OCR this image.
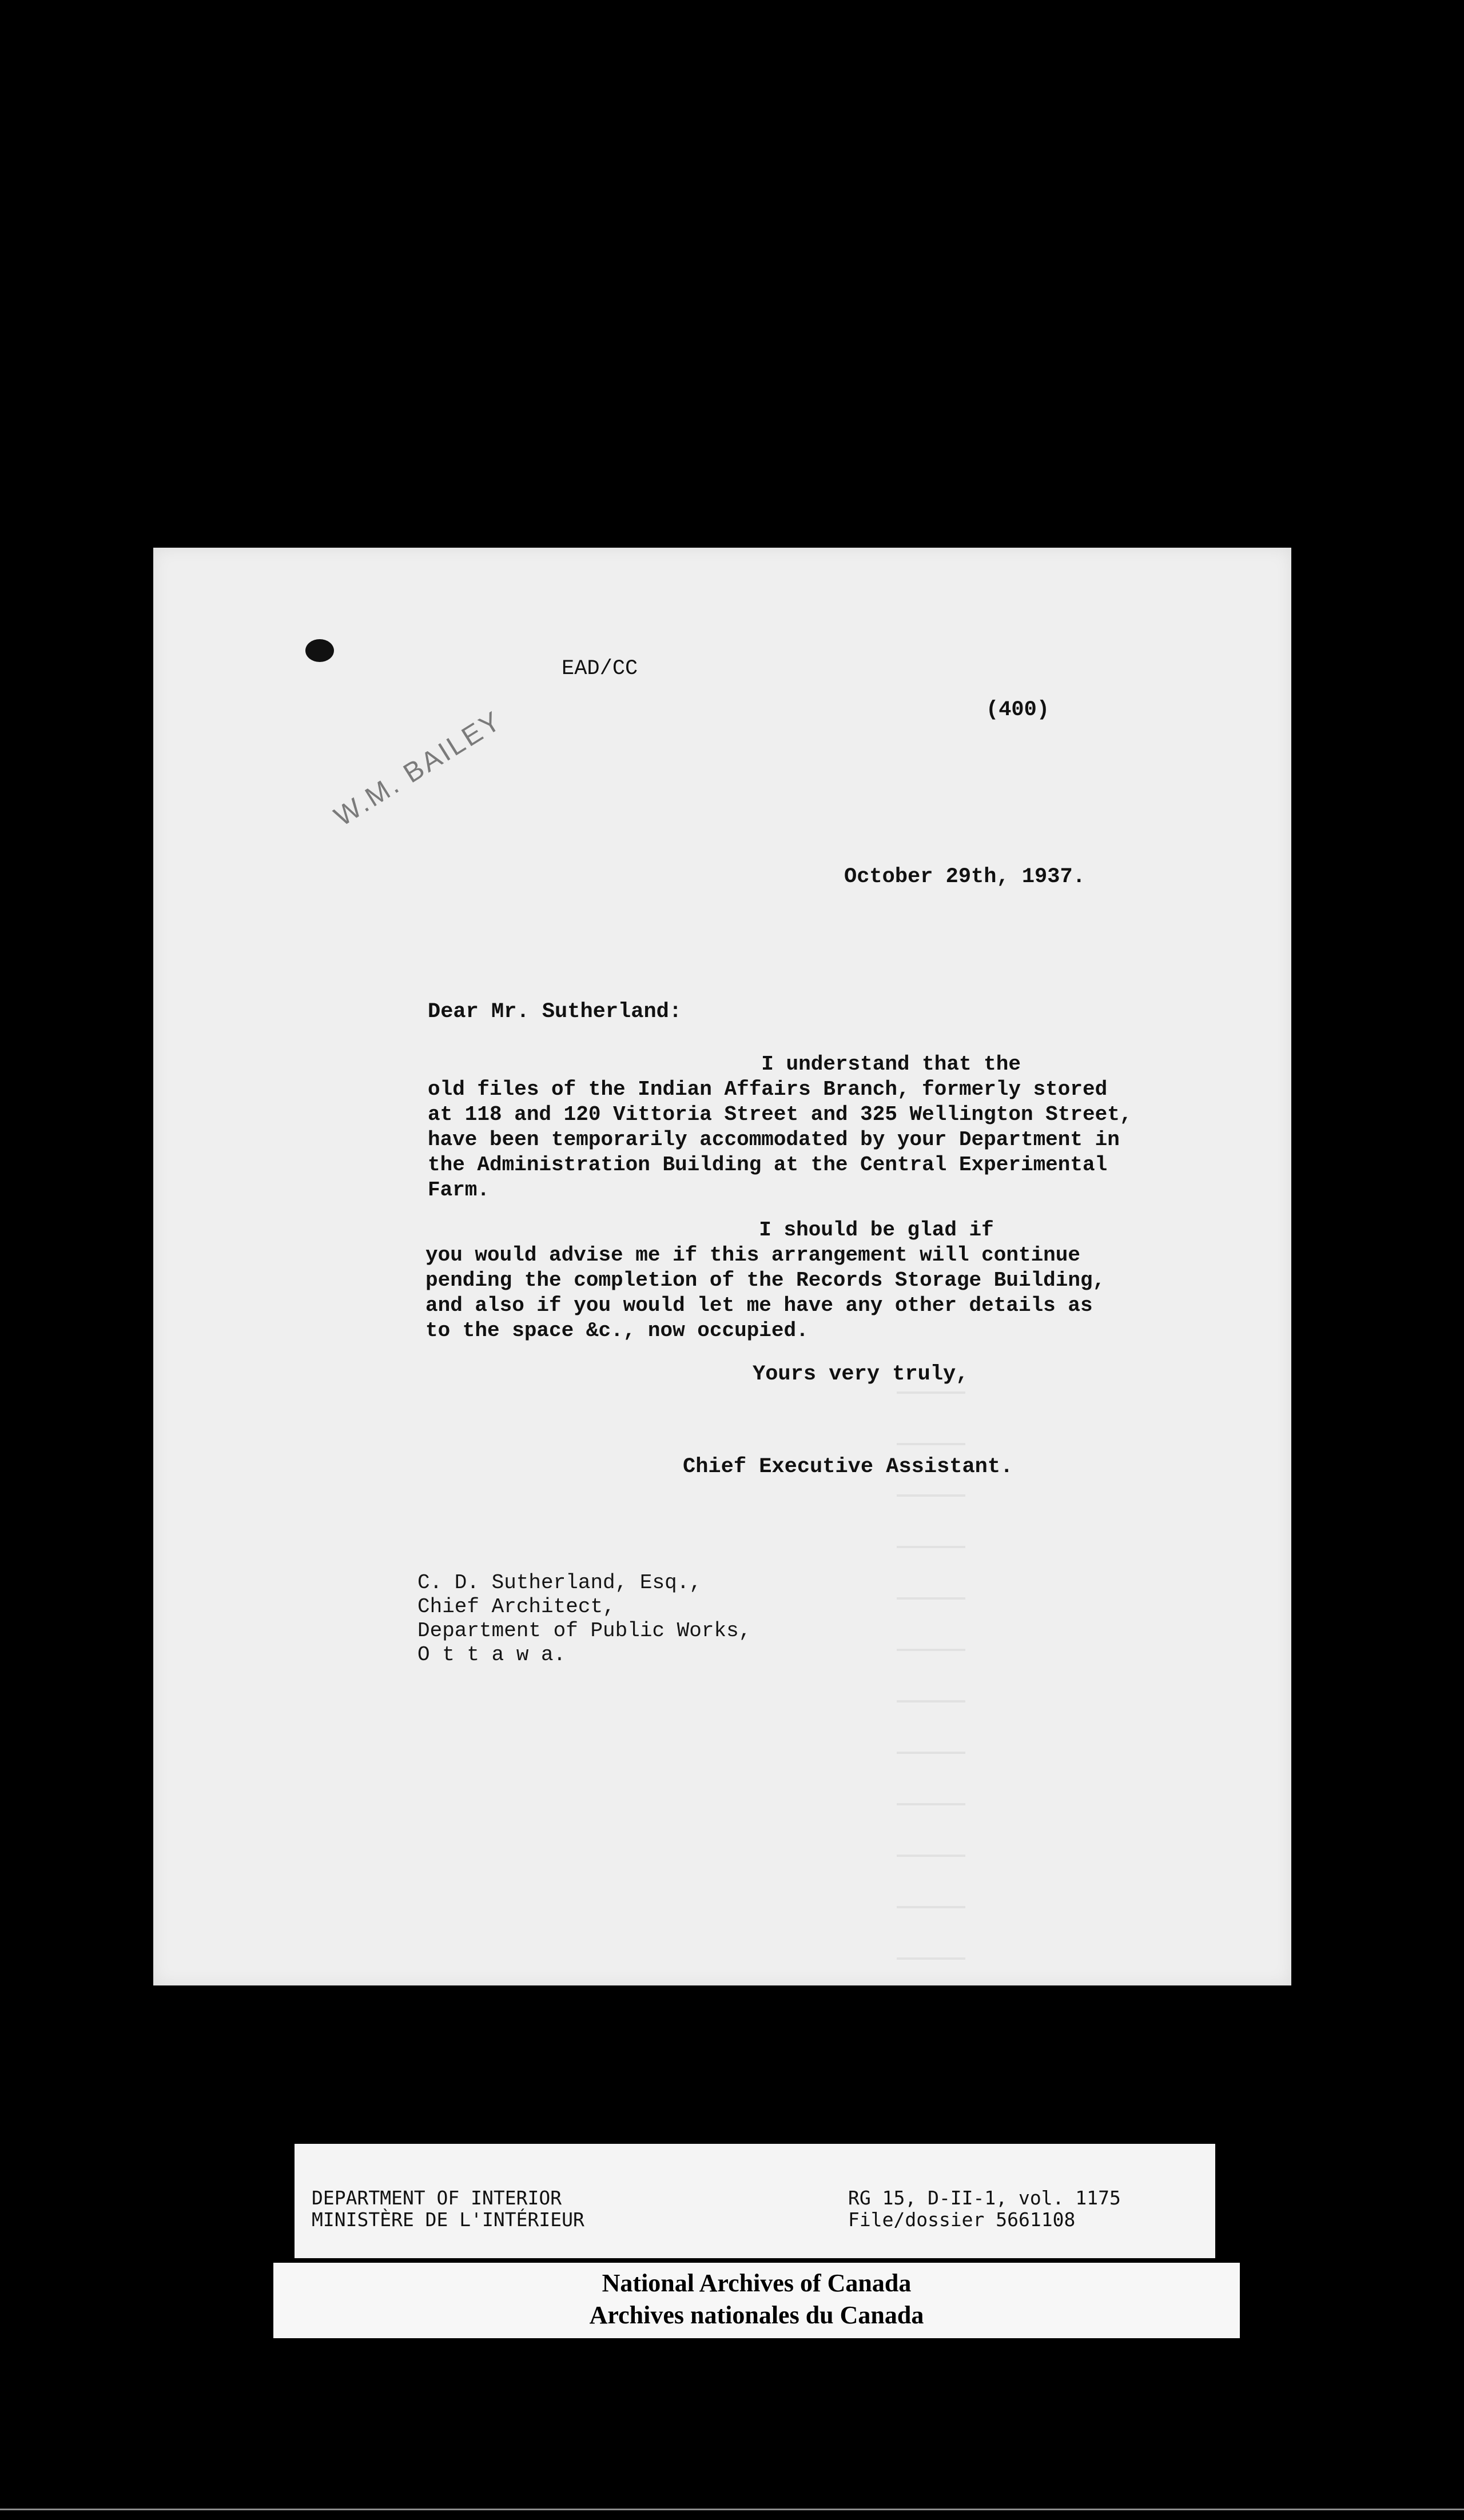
EAD/CC
(400)
W.M. BAILEY
October 29th, 1937.
Dear Mr. Sutherland:
I understand that the
old files of the Indian Affairs Branch, formerly stored
at 118 and 120 Vittoria Street and 325 Wellington Street,
have been temporarily accommodated by your Department in
the Administration Building at the Central Experimental
Farm.
I should be glad if
you would advise me if this arrangement will continue
pending the completion of the Records Storage Building,
and also if you would let me have any other details as
to the space &c., now occupied.
Yours very truly,
Chief Executive Assistant.
C. D. Sutherland, Esq.,
Chief Architect,
Department of Public Works,
O t t a w a.
DEPARTMENT OF INTERIOR
MINISTÈRE DE L'INTÉRIEUR
RG 15, D-II-1, vol. 1175
File/dossier 5661108
National Archives of Canada
Archives nationales du Canada
